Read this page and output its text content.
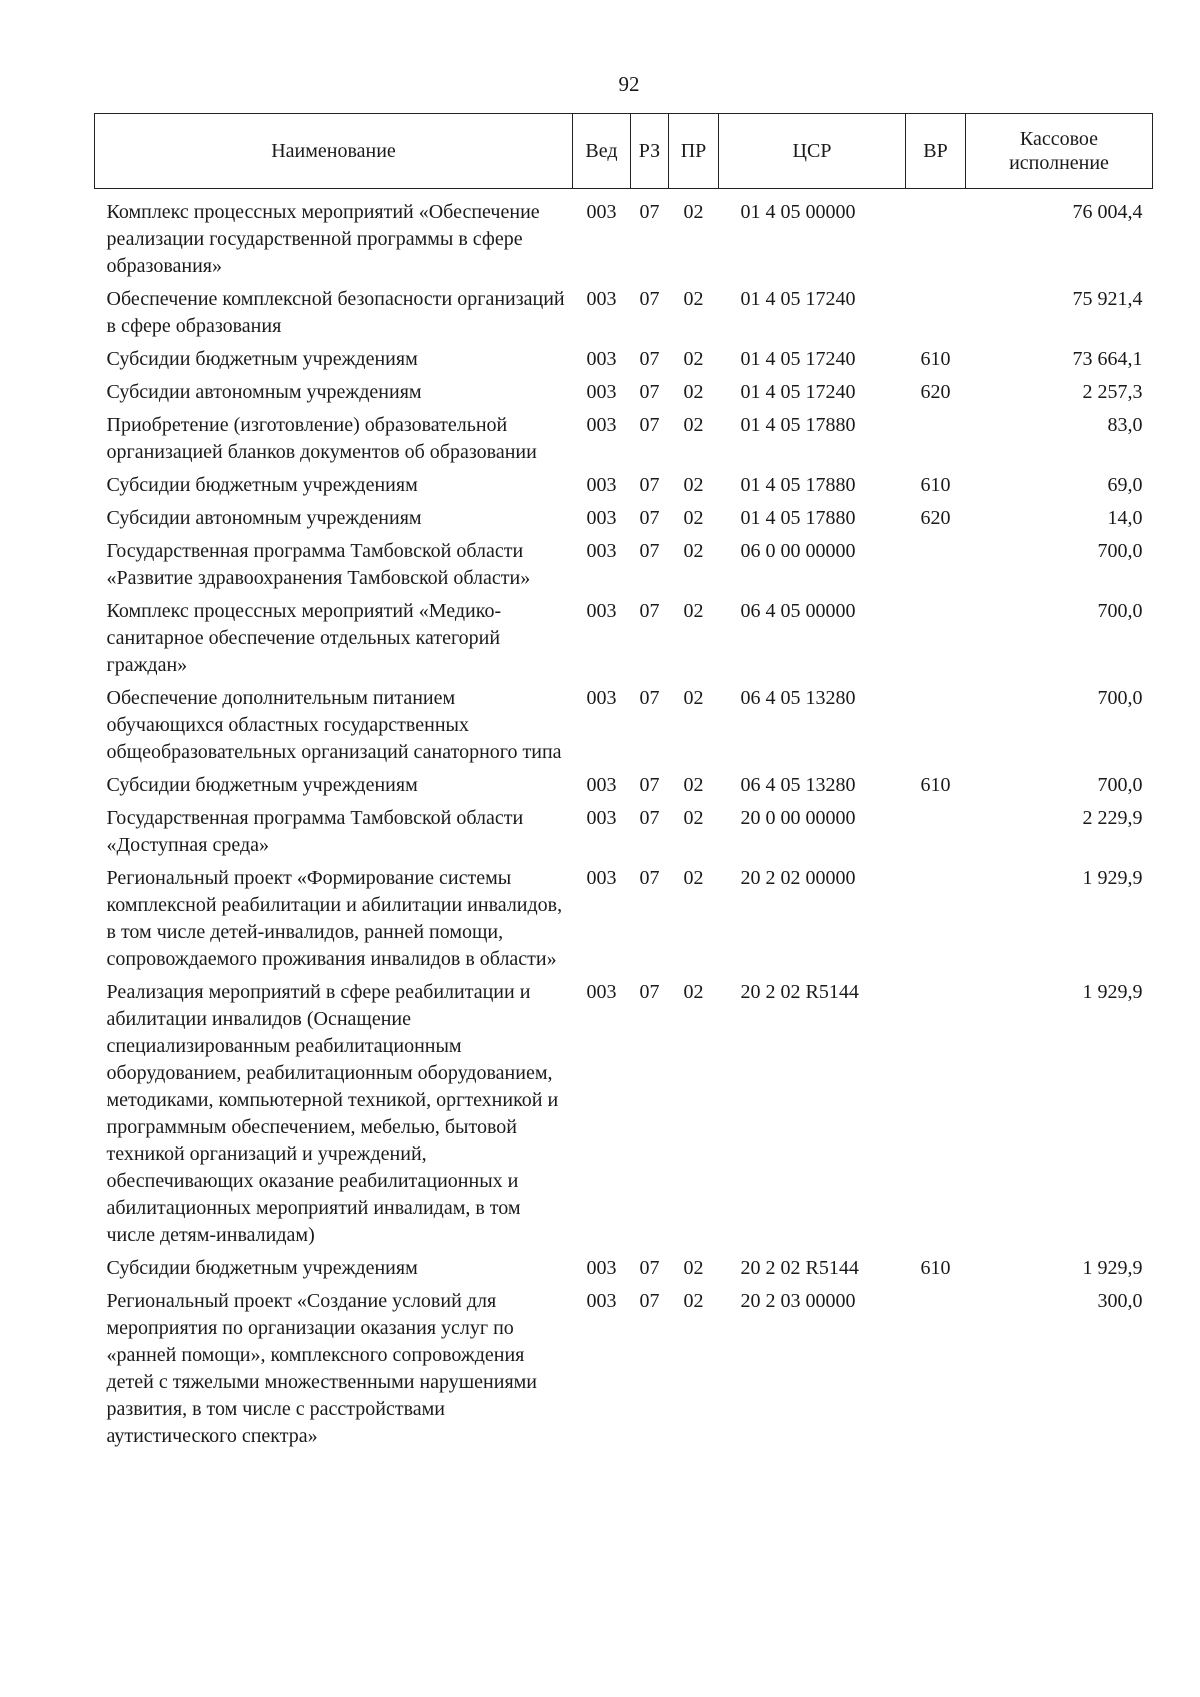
92
Наименование	Вед	РЗ	ПР	ЦСР	ВР	Кассовое исполнение
Комплекс процессных мероприятий «Обеспечение реализации государственной программы в сфере образования»	003	07	02	01 4 05 00000		76 004,4
Обеспечение комплексной безопасности организаций в сфере образования	003	07	02	01 4 05 17240		75 921,4
Субсидии бюджетным учреждениям	003	07	02	01 4 05 17240	610	73 664,1
Субсидии автономным учреждениям	003	07	02	01 4 05 17240	620	2 257,3
Приобретение (изготовление) образовательной организацией бланков документов об образовании	003	07	02	01 4 05 17880		83,0
Субсидии бюджетным учреждениям	003	07	02	01 4 05 17880	610	69,0
Субсидии автономным учреждениям	003	07	02	01 4 05 17880	620	14,0
Государственная программа Тамбовской области «Развитие здравоохранения Тамбовской области»	003	07	02	06 0 00 00000		700,0
Комплекс процессных мероприятий «Медико-санитарное обеспечение отдельных категорий граждан»	003	07	02	06 4 05 00000		700,0
Обеспечение дополнительным питанием обучающихся областных государственных общеобразовательных организаций санаторного типа	003	07	02	06 4 05 13280		700,0
Субсидии бюджетным учреждениям	003	07	02	06 4 05 13280	610	700,0
Государственная программа Тамбовской области «Доступная среда»	003	07	02	20 0 00 00000		2 229,9
Региональный проект «Формирование системы комплексной реабилитации и абилитации инвалидов, в том числе детей-инвалидов, ранней помощи, сопровождаемого проживания инвалидов в области»	003	07	02	20 2 02 00000		1 929,9
Реализация мероприятий в сфере реабилитации и абилитации инвалидов (Оснащение специализированным реабилитационным оборудованием, реабилитационным оборудованием, методиками, компьютерной техникой, оргтехникой и программным обеспечением, мебелью, бытовой техникой организаций и учреждений, обеспечивающих оказание реабилитационных и абилитационных мероприятий инвалидам, в том числе детям-инвалидам)	003	07	02	20 2 02 R5144		1 929,9
Субсидии бюджетным учреждениям	003	07	02	20 2 02 R5144	610	1 929,9
Региональный проект «Создание условий для мероприятия по организации оказания услуг по «ранней помощи», комплексного сопровождения детей с тяжелыми множественными нарушениями развития, в том числе с расстройствами аутистического спектра»	003	07	02	20 2 03 00000		300,0
